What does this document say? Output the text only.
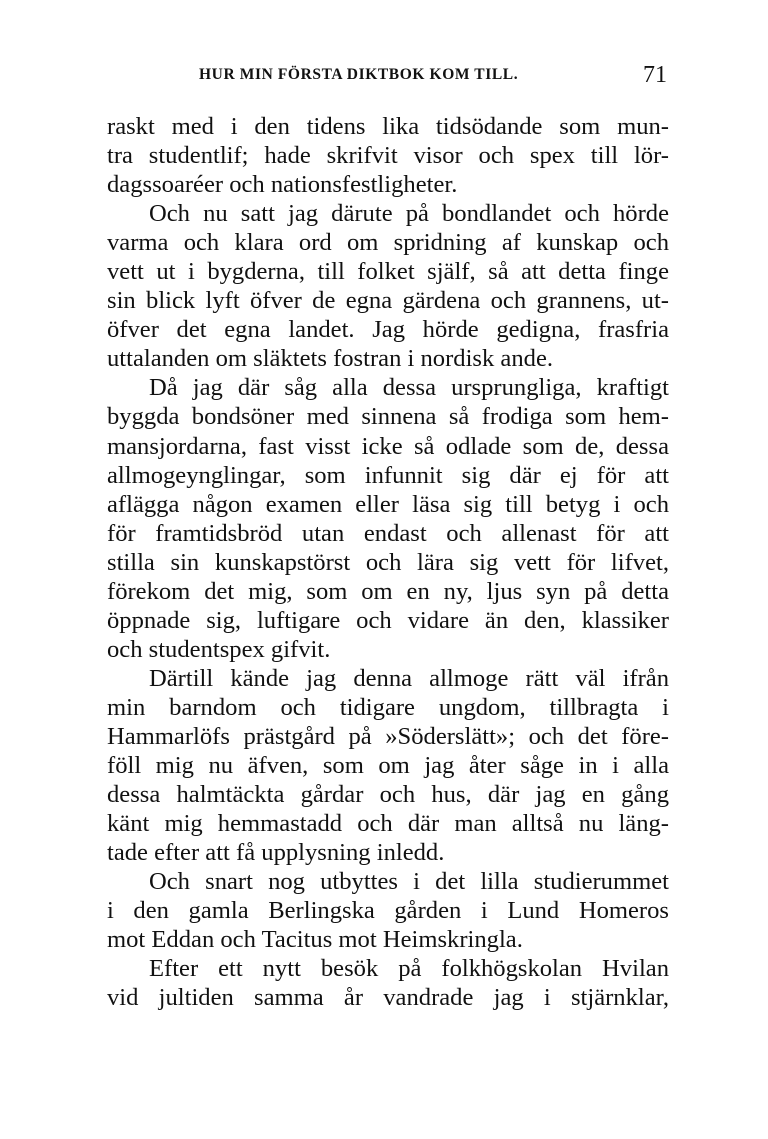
HUR MIN FÖRSTA DIKTBOK KOM TILL.	71
raskt med i den tidens lika tidsödande som mun-
tra studentlif; hade skrifvit visor och spex till lör-
dagssoaréer och nationsfestligheter.
Och nu satt jag därute på bondlandet och hörde
varma och klara ord om spridning af kunskap och
vett ut i bygderna, till folket själf, så att detta finge
sin blick lyft öfver de egna gärdena och grannens, ut-
öfver det egna landet. Jag hörde gedigna, frasfria
uttalanden om släktets fostran i nordisk ande.
Då jag där såg alla dessa ursprungliga, kraftigt
byggda bondsöner med sinnena så frodiga som hem-
mansjordarna, fast visst icke så odlade som de, dessa
allmogeynglingar, som infunnit sig där ej för att
aflägga någon examen eller läsa sig till betyg i och
för framtidsbröd utan endast och allenast för att
stilla sin kunskapstörst och lära sig vett för lifvet,
förekom det mig, som om en ny, ljus syn på detta
öppnade sig, luftigare och vidare än den, klassiker
och studentspex gifvit.
Därtill kände jag denna allmoge rätt väl ifrån
min barndom och tidigare ungdom, tillbragta i
Hammarlöfs prästgård på »Söderslätt»; och det före-
föll mig nu äfven, som om jag åter såge in i alla
dessa halmtäckta gårdar och hus, där jag en gång
känt mig hemmastadd och där man alltså nu läng-
tade efter att få upplysning inledd.
Och snart nog utbyttes i det lilla studierummet
i den gamla Berlingska gården i Lund Homeros
mot Eddan och Tacitus mot Heimskringla.
Efter ett nytt besök på folkhögskolan Hvilan
vid jultiden samma år vandrade jag i stjärnklar,
